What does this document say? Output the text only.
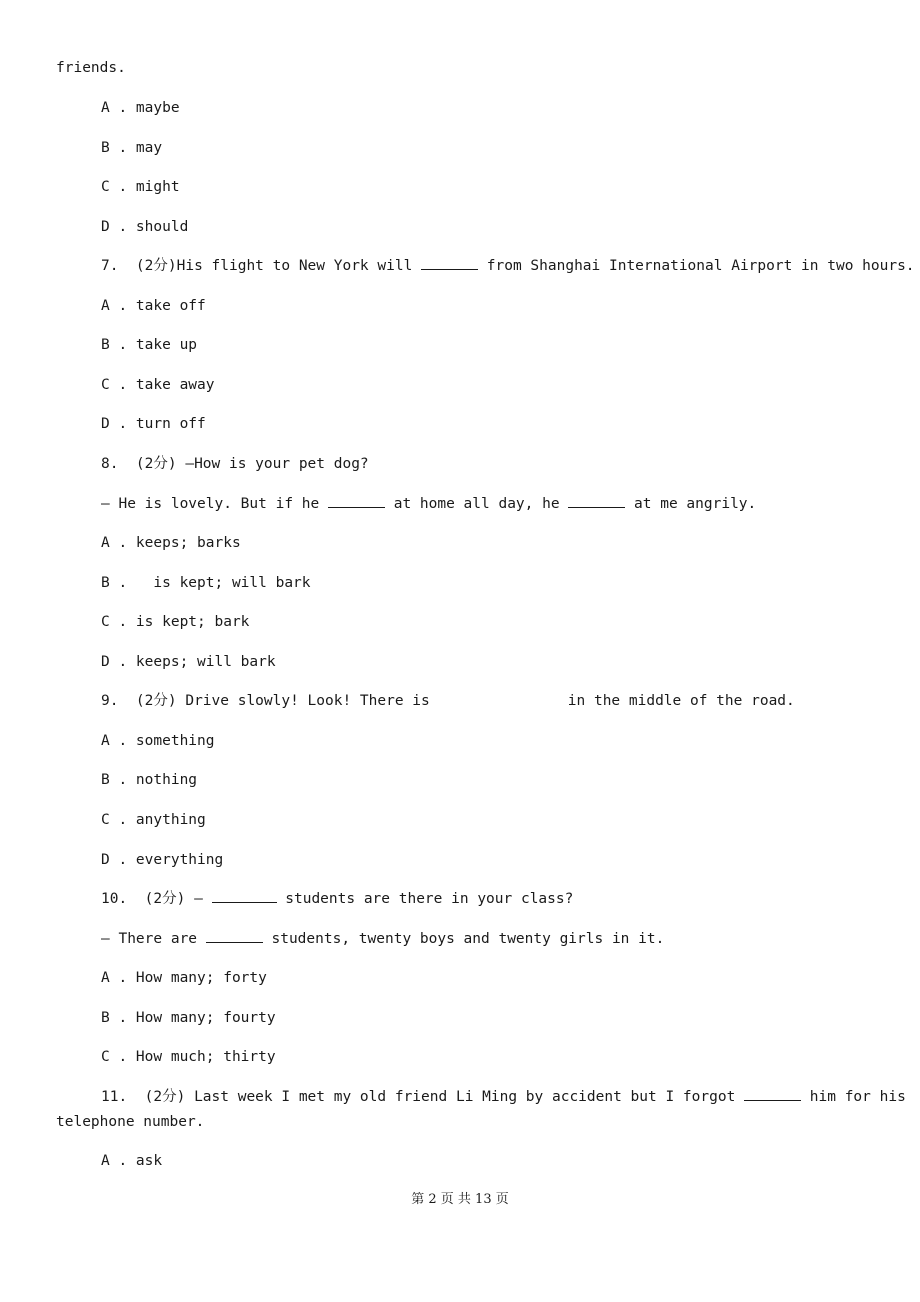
friends.
A . maybe
B . may
C . might
D . should
7.  (2分)His flight to New York will	from Shanghai International Airport in two hours.
A . take off
B . take up
C . take away
D . turn off
8.  (2分) —How is your pet dog?
— He is lovely. But if he	at home all day, he	at me angrily.
A . keeps; barks
B .   is kept; will bark
C . is kept; bark
D . keeps; will bark
9.  (2分) Drive slowly! Look! There is	in the middle of the road.
A . something
B . nothing
C . anything
D . everything
10.  (2分) —	students are there in your class?
— There are	students, twenty boys and twenty girls in it.
A . How many; forty
B . How many; fourty
C . How much; thirty
11.  (2分) Last week I met my old friend Li Ming by accident but I forgot	him for his
telephone number.
A . ask
第 2 页 共 13 页
